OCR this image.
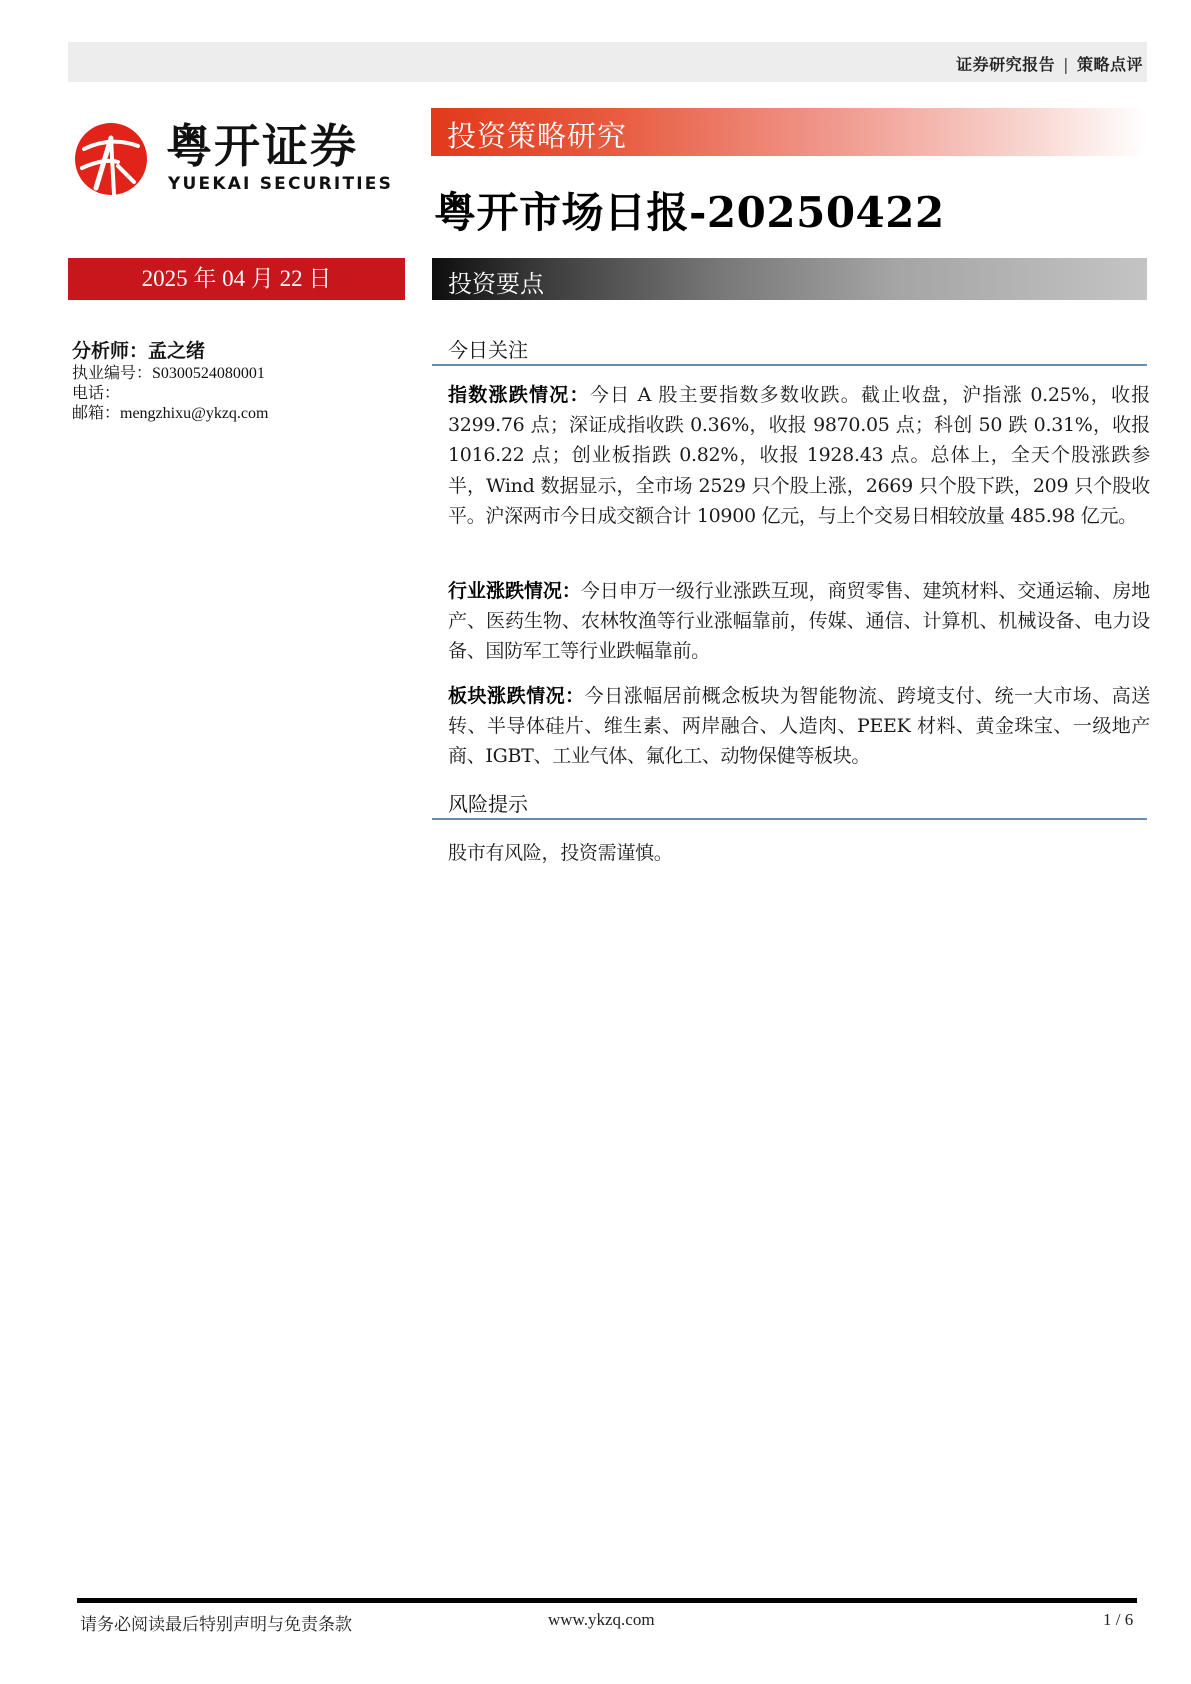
证券研究报告 | 策略点评
粤开证券
YUEKAI SECURITIES
投资策略研究
粤开市场日报-20250422
2025 年 04 月 22 日
分析师：孟之绪
执业编号：S0300524080001
电话：
邮箱：mengzhixu@ykzq.com
投资要点
今日关注
指数涨跌情况：今日 A 股主要指数多数收跌。截止收盘，沪指涨 0.25%，收报 3299.76 点；深证成指收跌 0.36%，收报 9870.05 点；科创 50 跌 0.31%，收报 1016.22 点；创业板指跌 0.82%，收报 1928.43 点。总体上，全天个股涨跌参半，Wind 数据显示，全市场 2529 只个股上涨，2669 只个股下跌，209 只个股收平。沪深两市今日成交额合计 10900 亿元，与上个交易日相较放量 485.98 亿元。
行业涨跌情况：今日申万一级行业涨跌互现，商贸零售、建筑材料、交通运输、房地产、医药生物、农林牧渔等行业涨幅靠前，传媒、通信、计算机、机械设备、电力设备、国防军工等行业跌幅靠前。
板块涨跌情况：今日涨幅居前概念板块为智能物流、跨境支付、统一大市场、高送转、半导体硅片、维生素、两岸融合、人造肉、PEEK 材料、黄金珠宝、一级地产商、IGBT、工业气体、氟化工、动物保健等板块。
风险提示
股市有风险，投资需谨慎。
请务必阅读最后特别声明与免责条款	www.ykzq.com	1 / 6
